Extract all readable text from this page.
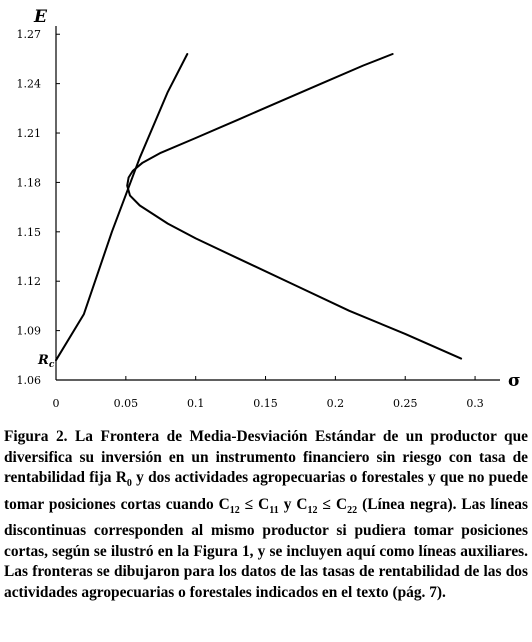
1.06
1.09
1.12
1.15
1.18
1.21
1.24
1.27
0	0.05	0.1	0.15	0.2	0.25	0.3
E
σ
$R_c$

Figura 2. La Frontera de Media-Desviación Estándar de un productor que diversifica su inversión en un instrumento financiero sin riesgo con tasa de rentabilidad fija $R_0$ y dos actividades agropecuarias o forestales y que no puede tomar posiciones cortas cuando $C_{12} \le C_{11}$ y $C_{12} \le C_{22}$ (Línea negra). Las líneas discontinuas corresponden al mismo productor si pudiera tomar posiciones cortas, según se ilustró en la Figura 1, y se incluyen aquí como líneas auxiliares. Las fronteras se dibujaron para los datos de las tasas de rentabilidad de las dos actividades agropecuarias o forestales indicados en el texto (pág. 7).
